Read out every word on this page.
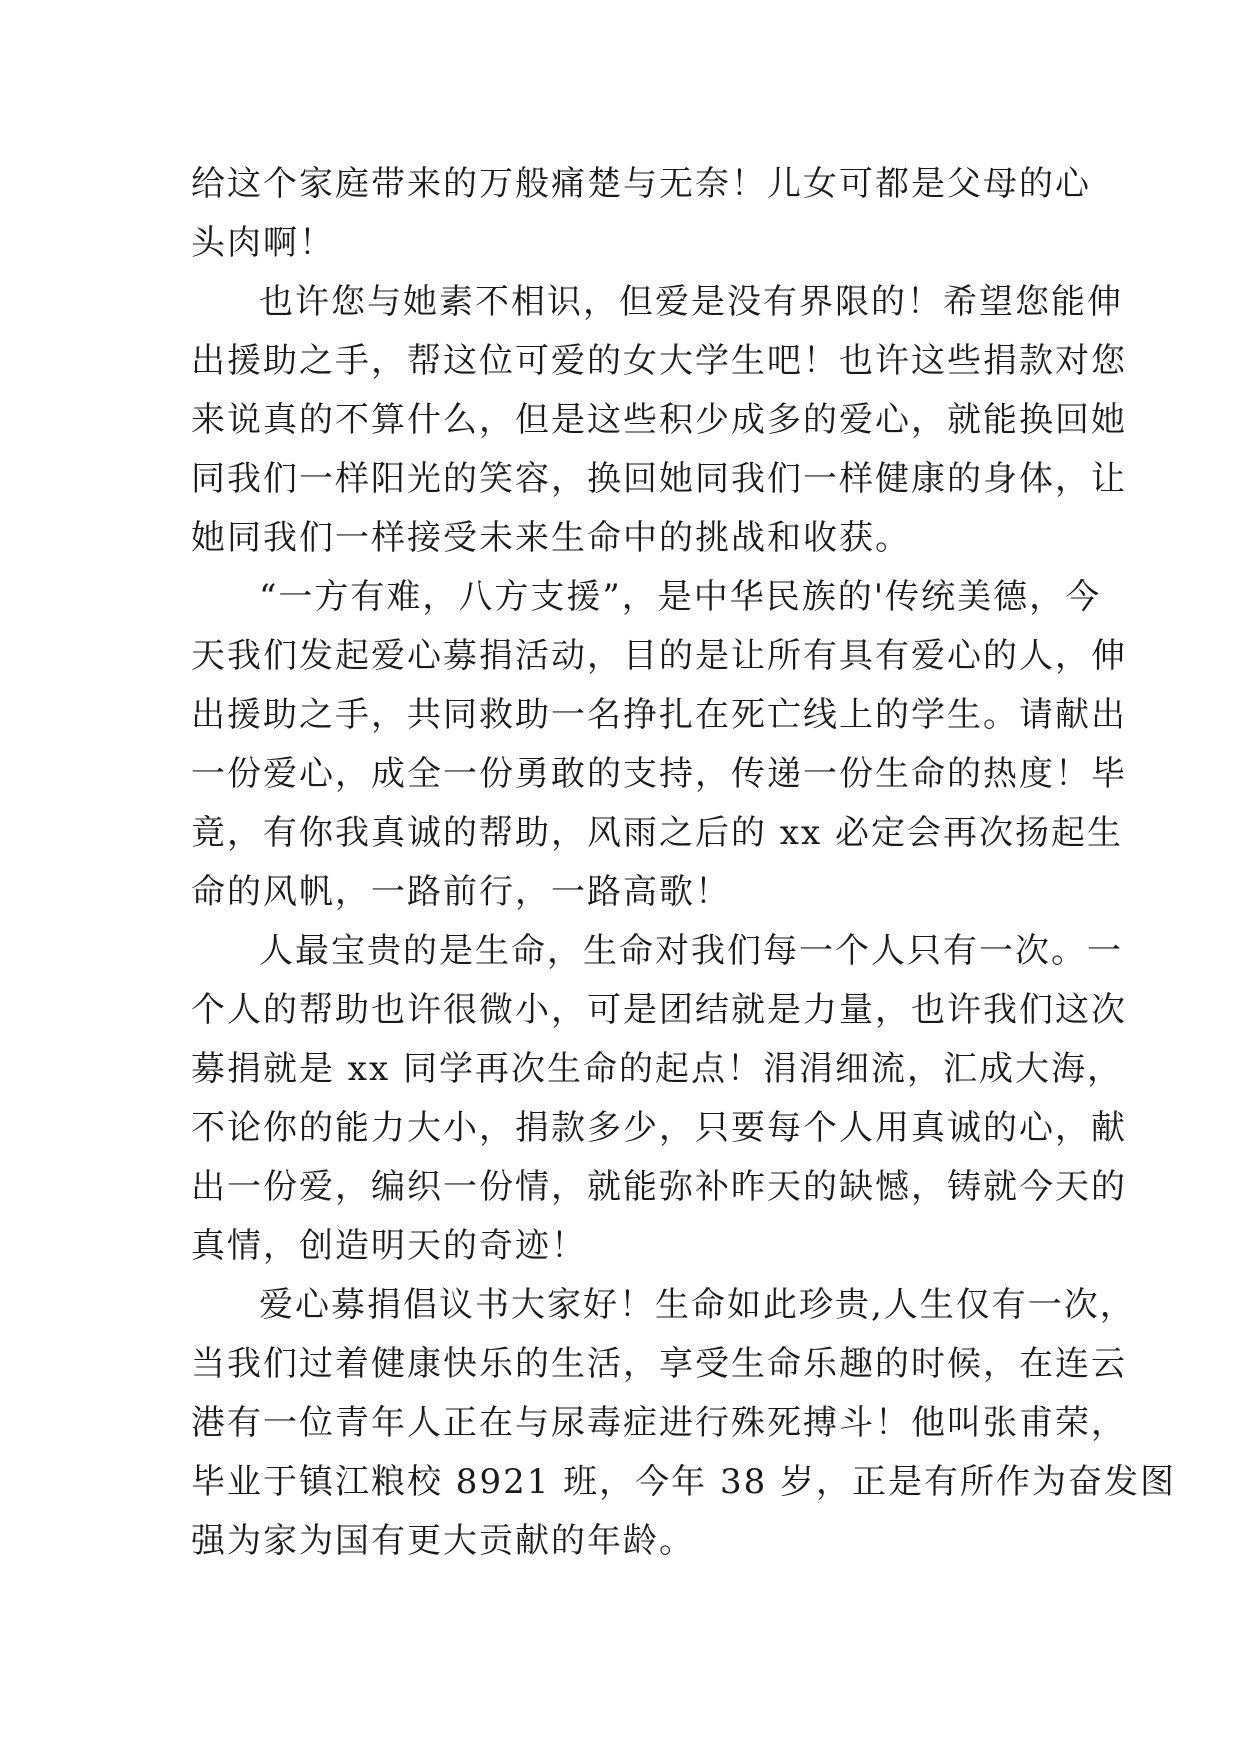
给这个家庭带来的万般痛楚与无奈！儿女可都是父母的心
头肉啊！

也许您与她素不相识，但爱是没有界限的！希望您能伸
出援助之手，帮这位可爱的女大学生吧！也许这些捐款对您
来说真的不算什么，但是这些积少成多的爱心，就能换回她
同我们一样阳光的笑容，换回她同我们一样健康的身体，让
她同我们一样接受未来生命中的挑战和收获。

“一方有难，八方支援”，是中华民族的'传统美德，今
天我们发起爱心募捐活动，目的是让所有具有爱心的人，伸
出援助之手，共同救助一名挣扎在死亡线上的学生。请献出
一份爱心，成全一份勇敢的支持，传递一份生命的热度！毕
竟，有你我真诚的帮助，风雨之后的 xx 必定会再次扬起生
命的风帆，一路前行，一路高歌！

人最宝贵的是生命，生命对我们每一个人只有一次。一
个人的帮助也许很微小，可是团结就是力量，也许我们这次
募捐就是 xx 同学再次生命的起点！涓涓细流，汇成大海，
不论你的能力大小，捐款多少，只要每个人用真诚的心，献
出一份爱，编织一份情，就能弥补昨天的缺憾，铸就今天的
真情，创造明天的奇迹！

爱心募捐倡议书大家好！生命如此珍贵,人生仅有一次，
当我们过着健康快乐的生活，享受生命乐趣的时候，在连云
港有一位青年人正在与尿毒症进行殊死搏斗！他叫张甫荣，
毕业于镇江粮校 8921 班，今年 38 岁，正是有所作为奋发图
强为家为国有更大贡献的年龄。
